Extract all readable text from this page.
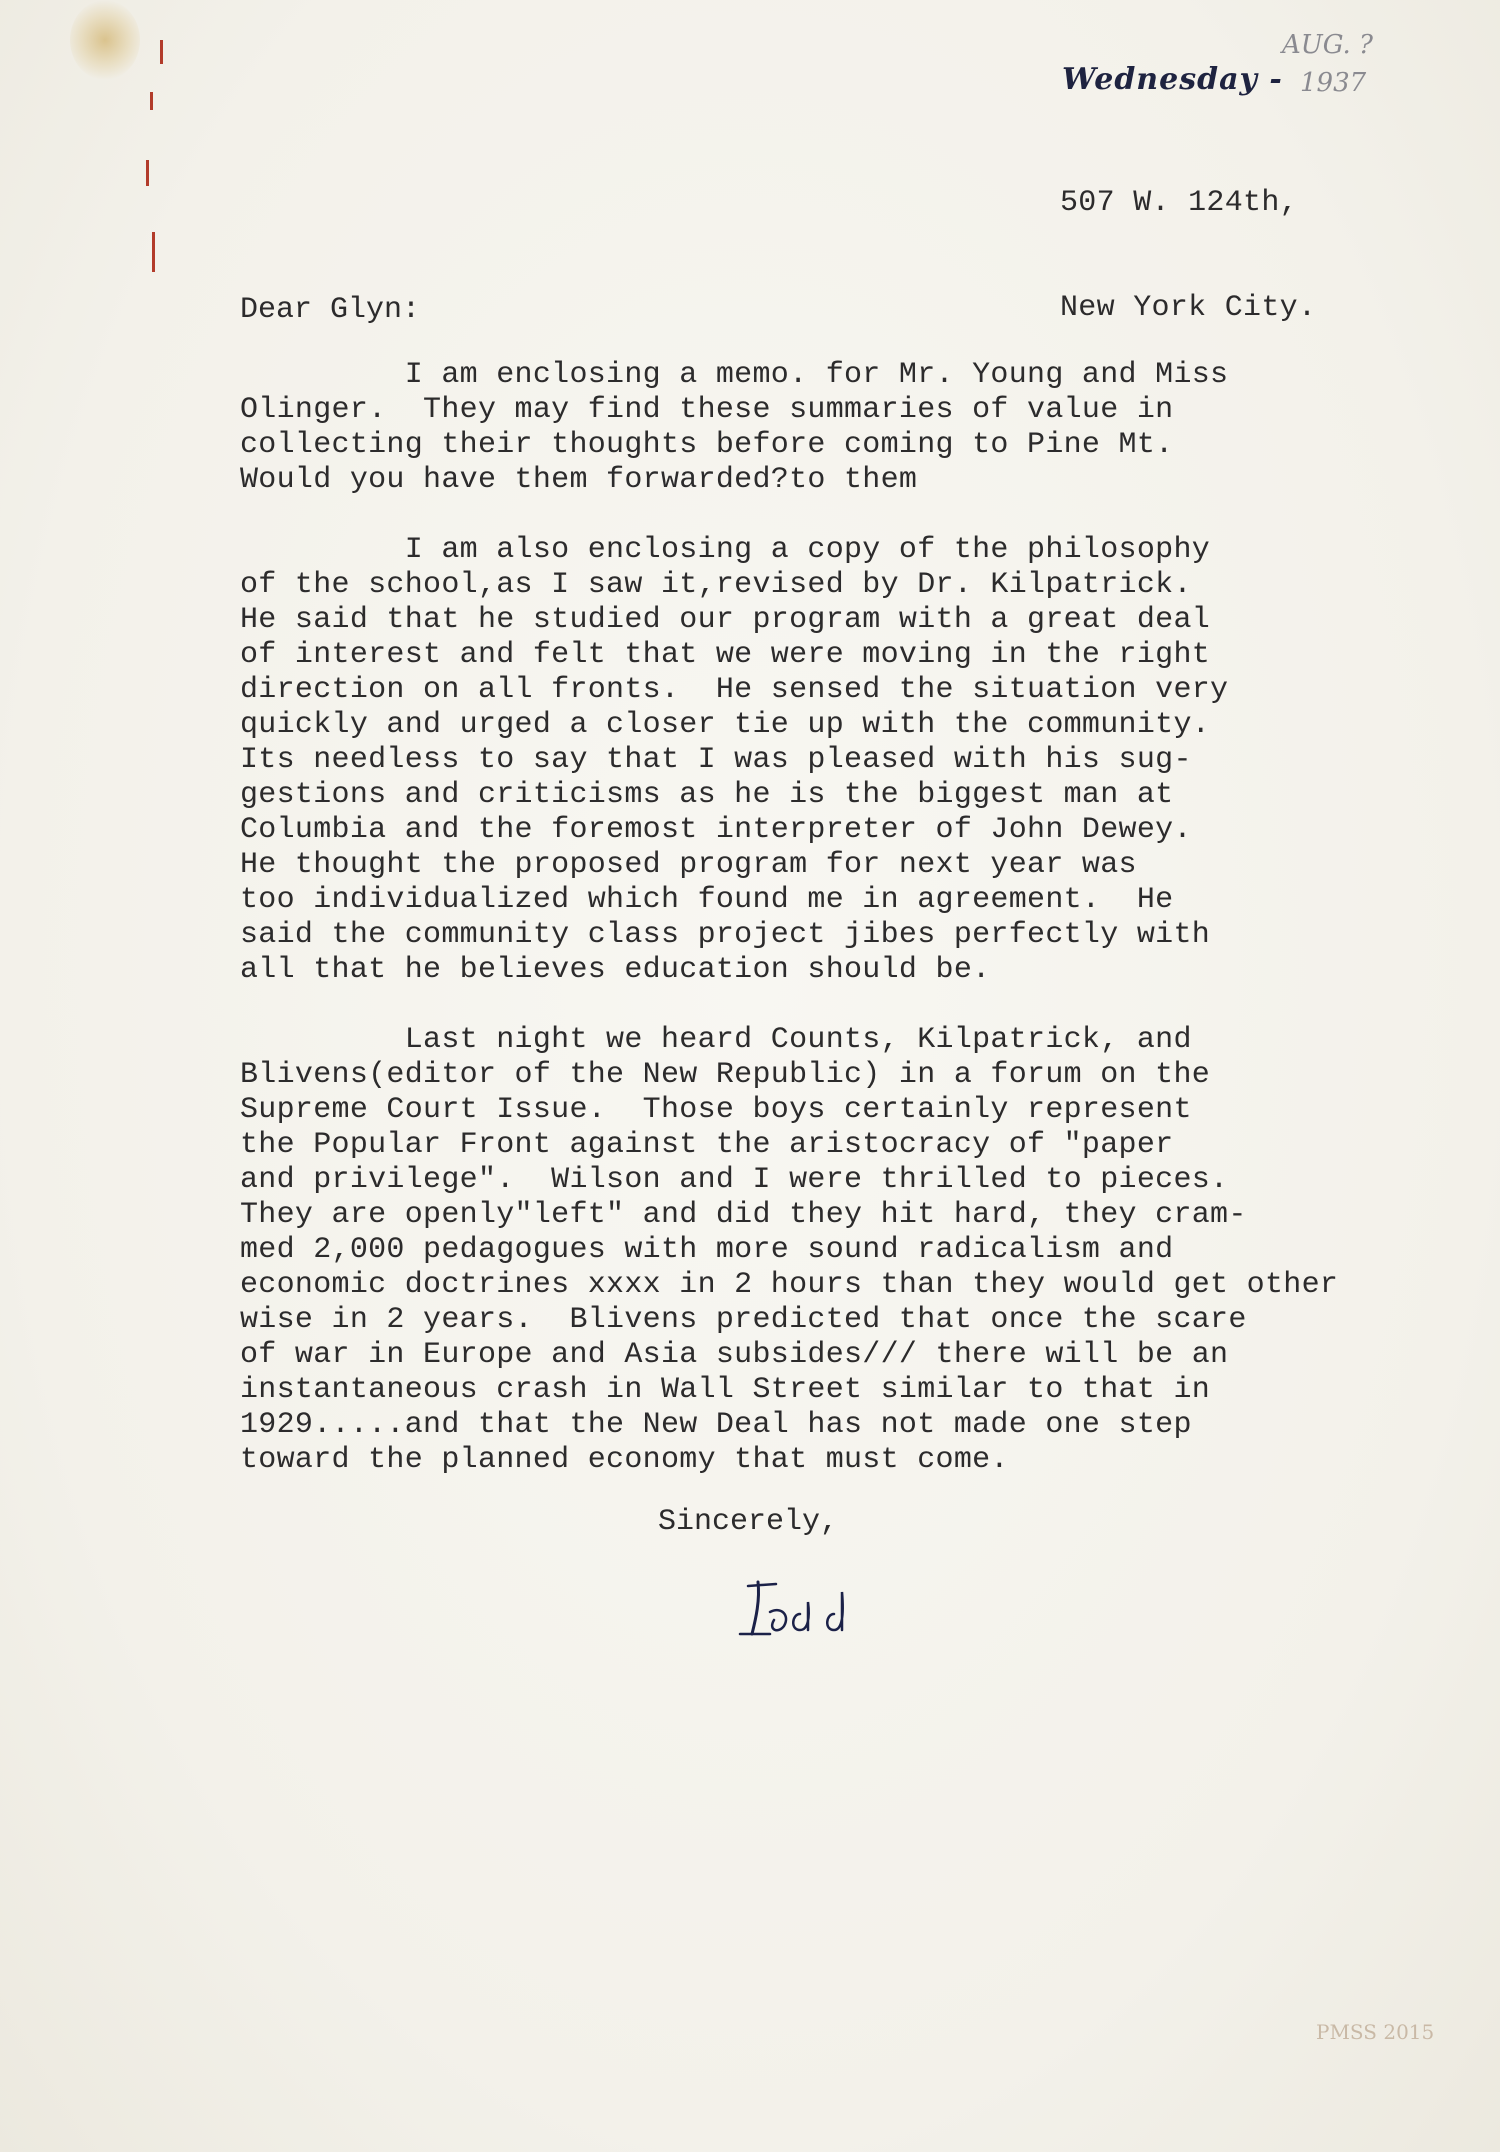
AUG. ?
Wednesday - 1937

507 W. 124th,

New York City.

Dear Glyn:
I am enclosing a memo. for Mr. Young and Miss
Olinger.  They may find these summaries of value in
collecting their thoughts before coming to Pine Mt.
Would you have them forwarded?to them
I am also enclosing a copy of the philosophy
of the school,as I saw it,revised by Dr. Kilpatrick.
He said that he studied our program with a great deal
of interest and felt that we were moving in the right
direction on all fronts.  He sensed the situation very
quickly and urged a closer tie up with the community.
Its needless to say that I was pleased with his sug-
gestions and criticisms as he is the biggest man at
Columbia and the foremost interpreter of John Dewey.
He thought the proposed program for next year was
too individualized which found me in agreement.  He
said the community class project jibes perfectly with
all that he believes education should be.
Last night we heard Counts, Kilpatrick, and
Blivens(editor of the New Republic) in a forum on the
Supreme Court Issue.  Those boys certainly represent
the Popular Front against the aristocracy of "paper
and privilege".  Wilson and I were thrilled to pieces.
They are openly"left" and did they hit hard, they cram-
med 2,000 pedagogues with more sound radicalism and
economic doctrines xxxx in 2 hours than they would get other
wise in 2 years.  Blivens predicted that once the scare
of war in Europe and Asia subsides/// there will be an
instantaneous crash in Wall Street similar to that in
1929.....and that the New Deal has not made one step
toward the planned economy that must come.
Sincerely,
PMSS 2015
